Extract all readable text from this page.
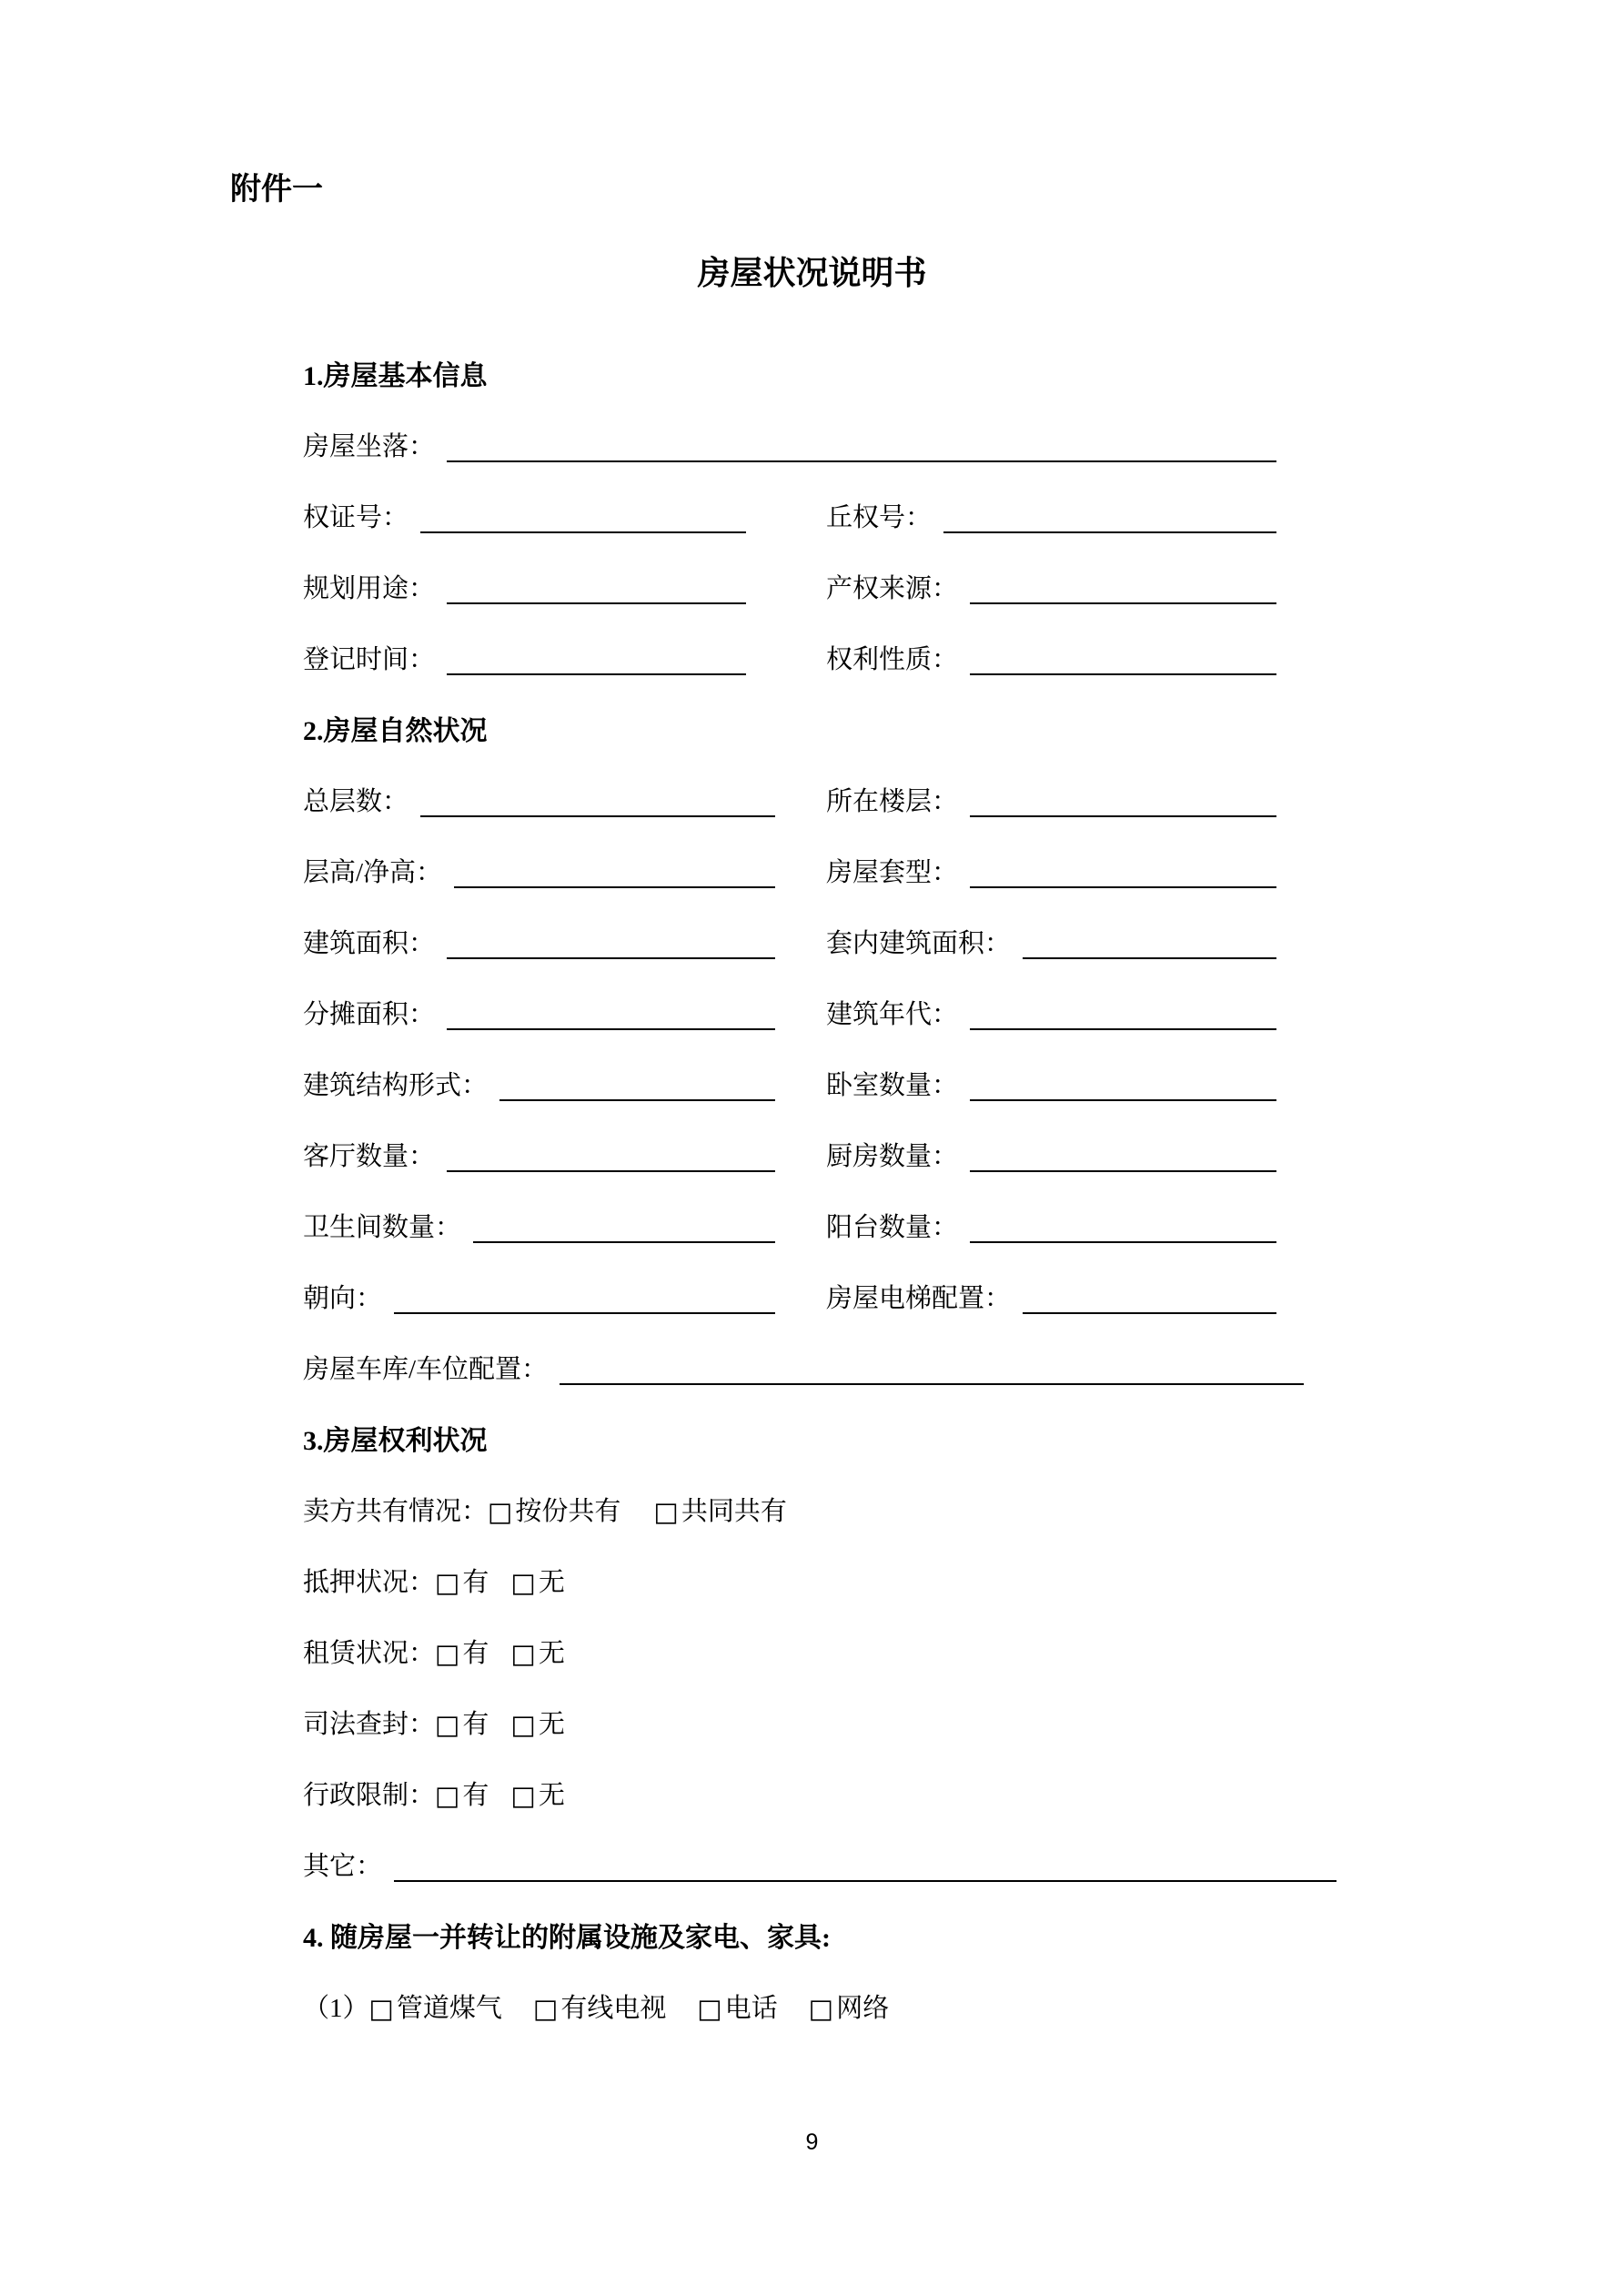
附件一
房屋状况说明书
1.房屋基本信息
房屋坐落：
权证号：	丘权号：
规划用途：	产权来源：
登记时间：	权利性质：
2.房屋自然状况
总层数：	所在楼层：
层高/净高：	房屋套型：
建筑面积：	套内建筑面积：
分摊面积：	建筑年代：
建筑结构形式：	卧室数量：
客厅数量：	厨房数量：
卫生间数量：	阳台数量：
朝向：	房屋电梯配置：
房屋车库/车位配置：
3.房屋权利状况
卖方共有情况： □ 按份共有 □ 共同共有
抵押状况： □ 有 □ 无
租赁状况： □ 有 □ 无
司法查封： □ 有 □ 无
行政限制： □ 有 □ 无
其它：
4. 随房屋一并转让的附属设施及家电、家具:
（1） □ 管道煤气 □ 有线电视 □ 电话 □ 网络
9
